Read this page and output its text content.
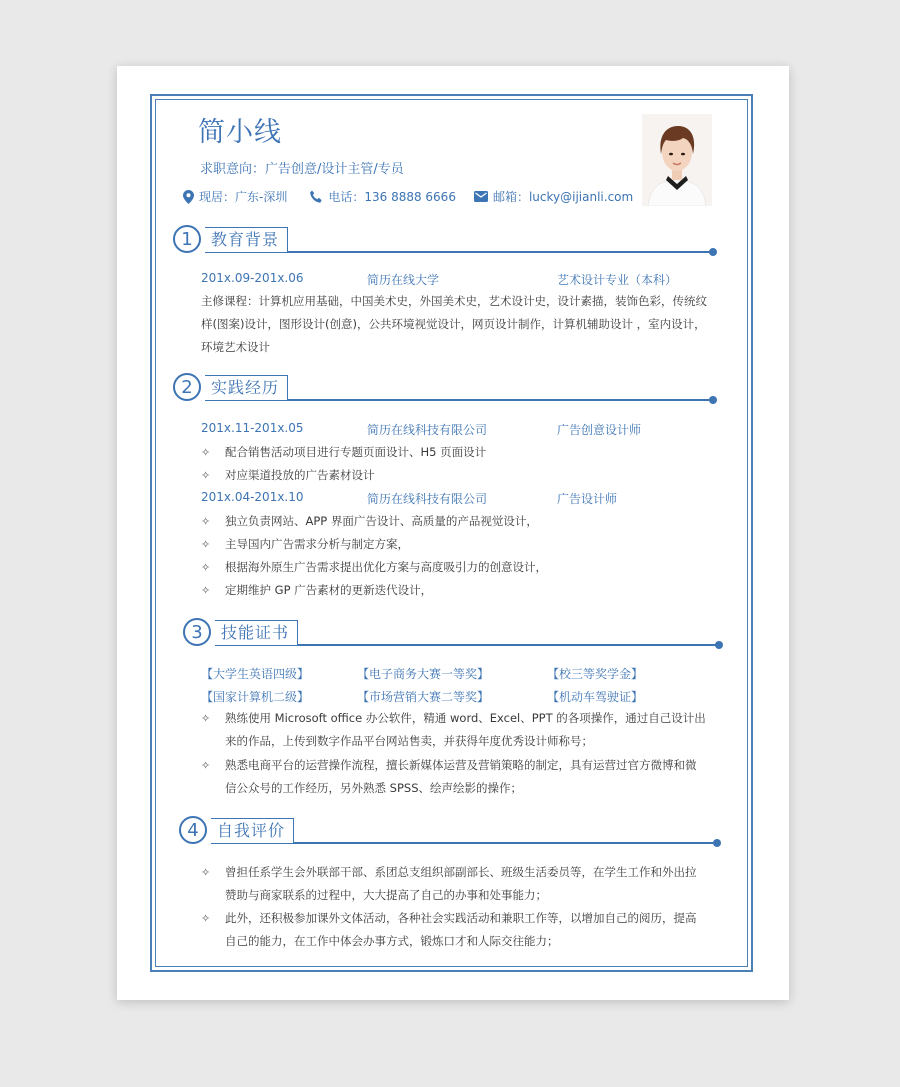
简小线
求职意向：广告创意/设计主管/专员
现居：广东-深圳	电话：136 8888 6666	邮箱：lucky@ijianli.com
1	教育背景
201x.09-201x.06	简历在线大学	艺术设计专业（本科）
主修课程：计算机应用基础，中国美术史，外国美术史，艺术设计史，设计素描，装饰色彩，传统纹
样(图案)设计，图形设计(创意)，公共环境视觉设计，网页设计制作，计算机辅助设计 ，室内设计，
环境艺术设计
2	实践经历
201x.11-201x.05	简历在线科技有限公司	广告创意设计师
✧ 配合销售活动项目进行专题页面设计、H5 页面设计
✧ 对应渠道投放的广告素材设计
201x.04-201x.10	简历在线科技有限公司	广告设计师
✧ 独立负责网站、APP 界面广告设计、高质量的产品视觉设计，
✧ 主导国内广告需求分析与制定方案，
✧ 根据海外原生广告需求提出优化方案与高度吸引力的创意设计，
✧ 定期维护 GP 广告素材的更新迭代设计，
3	技能证书
【大学生英语四级】	【电子商务大赛一等奖】	【校三等奖学金】
【国家计算机二级】	【市场营销大赛二等奖】	【机动车驾驶证】
✧ 熟练使用 Microsoft office 办公软件，精通 word、Excel、PPT 的各项操作，通过自己设计出
来的作品，上传到数字作品平台网站售卖，并获得年度优秀设计师称号；
✧ 熟悉电商平台的运营操作流程，擅长新媒体运营及营销策略的制定，具有运营过官方微博和微
信公众号的工作经历，另外熟悉 SPSS、绘声绘影的操作；
4	自我评价
✧ 曾担任系学生会外联部干部、系团总支组织部副部长、班级生活委员等，在学生工作和外出拉
赞助与商家联系的过程中，大大提高了自己的办事和处事能力；
✧ 此外，还积极参加课外文体活动，各种社会实践活动和兼职工作等，以增加自己的阅历，提高
自己的能力，在工作中体会办事方式，锻炼口才和人际交往能力；
